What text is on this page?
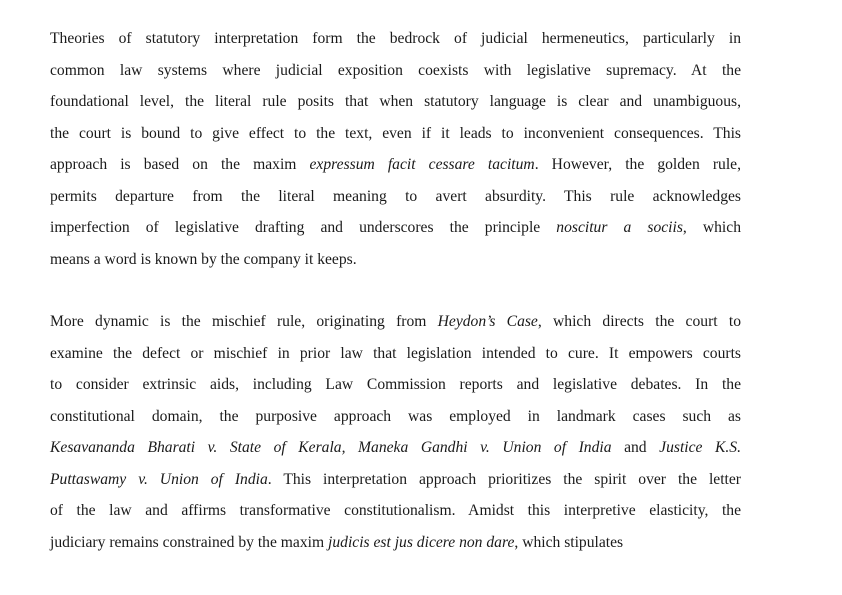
Theories of statutory interpretation form the bedrock of judicial hermeneutics, particularly in
common law systems where judicial exposition coexists with legislative supremacy. At the
foundational level, the literal rule posits that when statutory language is clear and unambiguous,
the court is bound to give effect to the text, even if it leads to inconvenient consequences. This
approach is based on the maxim expressum facit cessare tacitum. However, the golden rule,
permits departure from the literal meaning to avert absurdity. This rule acknowledges
imperfection of legislative drafting and underscores the principle noscitur a sociis, which
means a word is known by the company it keeps.
More dynamic is the mischief rule, originating from Heydon’s Case, which directs the court to
examine the defect or mischief in prior law that legislation intended to cure. It empowers courts
to consider extrinsic aids, including Law Commission reports and legislative debates. In the
constitutional domain, the purposive approach was employed in landmark cases such as
Kesavananda Bharati v. State of Kerala, Maneka Gandhi v. Union of India and Justice K.S.
Puttaswamy v. Union of India. This interpretation approach prioritizes the spirit over the letter
of the law and affirms transformative constitutionalism. Amidst this interpretive elasticity, the
judiciary remains constrained by the maxim judicis est jus dicere non dare, which stipulates
